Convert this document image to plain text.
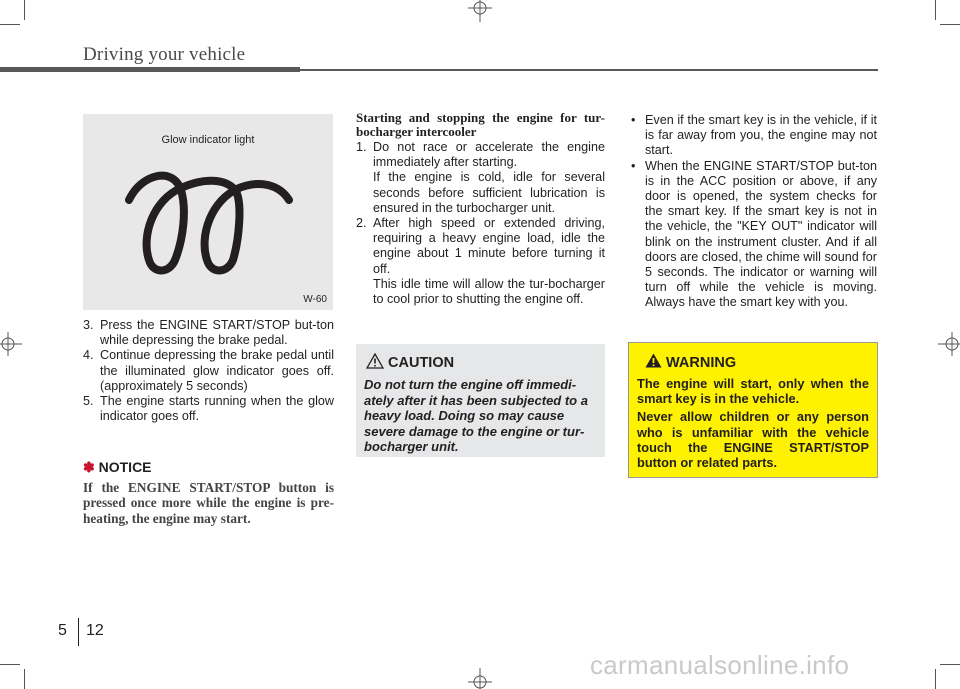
Driving your vehicle
Glow indicator light
W-60
3. Press the ENGINE START/STOP but-ton while depressing the brake pedal.

4. Continue depressing the brake pedal until the illuminated glow indicator goes off. (approximately 5 seconds)

5. The engine starts running when the glow indicator goes off.

✽ NOTICE
If the ENGINE START/STOP button is pressed once more while the engine is pre-heating, the engine may start.
Starting and stopping the engine for tur-bocharger intercooler
1. Do not race or accelerate the engine immediately after starting.

If the engine is cold, idle for several seconds before sufficient lubrication is ensured in the turbocharger unit.

2. After high speed or extended driving, requiring a heavy engine load, idle the engine about 1 minute before turning it off.

This idle time will allow the tur-bocharger to cool prior to shutting the engine off.

CAUTION
Do not turn the engine off immedi-ately after it has been subjected to a heavy load. Doing so may cause severe damage to the engine or tur-bocharger unit.
• Even if the smart key is in the vehicle, if it is far away from you, the engine may not start.

• When the ENGINE START/STOP but-ton is in the ACC position or above, if any door is opened, the system checks for the smart key. If the smart key is not in the vehicle, the "KEY OUT" indicator will blink on the instrument cluster. And if all doors are closed, the chime will sound for 5 seconds. The indicator or warning will turn off while the vehicle is moving. Always have the smart key with you.

WARNING

The engine will start, only when the smart key is in the vehicle.

Never allow children or any person who is unfamiliar with the vehicle touch the ENGINE START/STOP button or related parts.

5 12
carmanualsonline.info
